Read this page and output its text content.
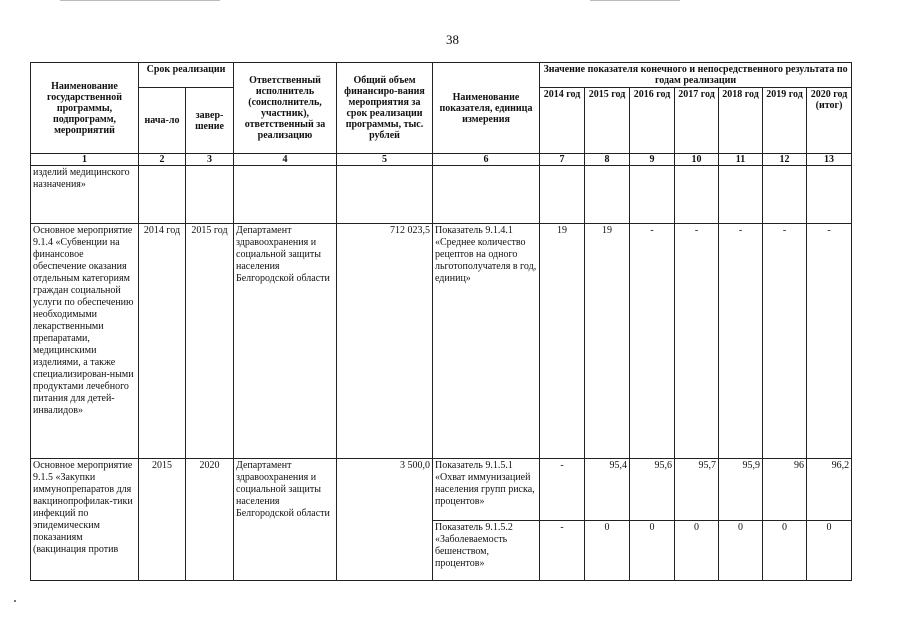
38
Наименование государственной программы, подпрограмм, мероприятий	Срок реализации		Ответственный исполнитель (соисполнитель, участник), ответственный за реализацию	Общий объем финансиро-вания мероприятия за срок реализации программы, тыс. рублей	Наименование показателя, единица измерения	Значение показателя конечного и непосредственного результата по годам реализации						
	нача-ло	завер-шение				2014 год	2015 год	2016 год	2017 год	2018 год	2019 год	2020 год (итог)
1	2	3	4	5	6	7	8	9	10	11	12	13
изделий медицинского назначения»												
Основное мероприятие 9.1.4 «Субвенции на финансовое обеспечение оказания отдельным категориям граждан социальной услуги по обеспечению необходимыми лекарственными препаратами, медицинскими изделиями, а также специализирован-ными продуктами лечебного питания для детей-инвалидов»	2014 год	2015 год	Департамент здравоохранения и социальной защиты населения Белгородской области	712 023,5	Показатель 9.1.4.1 «Среднее количество рецептов на одного льготополучателя в год, единиц»	19	19	-	-	-	-	-
Основное мероприятие 9.1.5 «Закупки иммунопрепаратов для вакцинопрофилак-тики инфекций по эпидемическим показаниям (вакцинация против	2015	2020	Департамент здравоохранения и социальной защиты населения Белгородской области	3 500,0	Показатель 9.1.5.1 «Охват иммунизацией населения групп риска, процентов»	-	95,4	95,6	95,7	95,9	96	96,2
					Показатель 9.1.5.2 «Заболеваемость бешенством, процентов»	-	0	0	0	0	0	0
